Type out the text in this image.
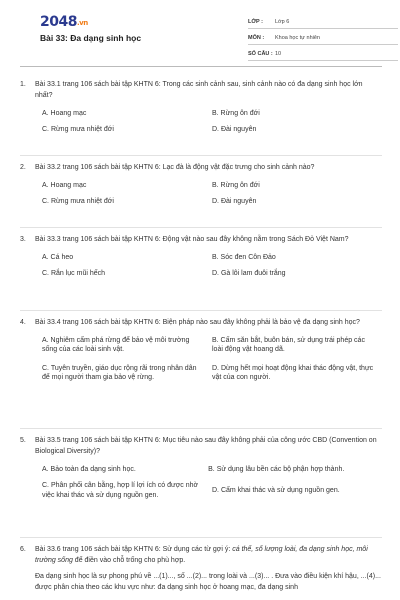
2048.vn
Bài 33: Đa dạng sinh học
LỚP :	Lớp 6
MÔN :	Khoa học tự nhiên
SỐ CÂU : 10
1.	Bài 33.1 trang 106 sách bài tập KHTN 6: Trong các sinh cảnh sau, sinh cảnh nào có đa dạng sinh học lớn nhất?
A. Hoang mạc	B. Rừng ôn đới
C. Rừng mưa nhiệt đới	D. Đài nguyên
2.	Bài 33.2 trang 106 sách bài tập KHTN 6: Lạc đà là động vật đặc trưng cho sinh cảnh nào?
A. Hoang mạc	B. Rừng ôn đới
C. Rừng mưa nhiệt đới	D. Đài nguyên
3.	Bài 33.3 trang 106 sách bài tập KHTN 6: Động vật nào sau đây không nằm trong Sách Đỏ Việt Nam?
A. Cá heo	B. Sóc đen Côn Đảo
C. Rắn lục mũi hếch	D. Gà lôi lam đuôi trắng
4.	Bài 33.4 trang 106 sách bài tập KHTN 6: Biện pháp nào sau đây không phải là bảo vệ đa dạng sinh học?
A. Nghiêm cấm phá rừng để bảo vệ môi trường sống của các loài sinh vật.
B. Cấm săn bắt, buôn bán, sử dụng trái phép các loài động vật hoang dã.
C. Tuyên truyền, giáo dục rộng rãi trong nhân dân để mọi người tham gia bảo vệ rừng.
D. Dừng hết mọi hoạt động khai thác động vật, thực vật của con người.
5.	Bài 33.5 trang 106 sách bài tập KHTN 6: Mục tiêu nào sau đây không phải của công ước CBD (Convention on Biological Diversity)?
A. Bảo toàn đa dạng sinh học.	B. Sử dụng lâu bền các bộ phận hợp thành.
C. Phân phối cân bằng, hợp lí lợi ích có được nhờ việc khai thác và sử dụng nguồn gen.
D. Cấm khai thác và sử dụng nguồn gen.
6.	Bài 33.6 trang 106 sách bài tập KHTN 6: Sử dụng các từ gợi ý: cá thể, số lượng loài, đa dạng sinh học, môi trường sống để điền vào chỗ trống cho phù hợp.
Đa dạng sinh học là sự phong phú về ...(1)..., số ...(2)... trong loài và ...(3)... . Đưa vào điều kiện khí hậu, ...(4)... được phân chia theo các khu vực như: đa dạng sinh học ở hoang mạc, đa dạng sinh
